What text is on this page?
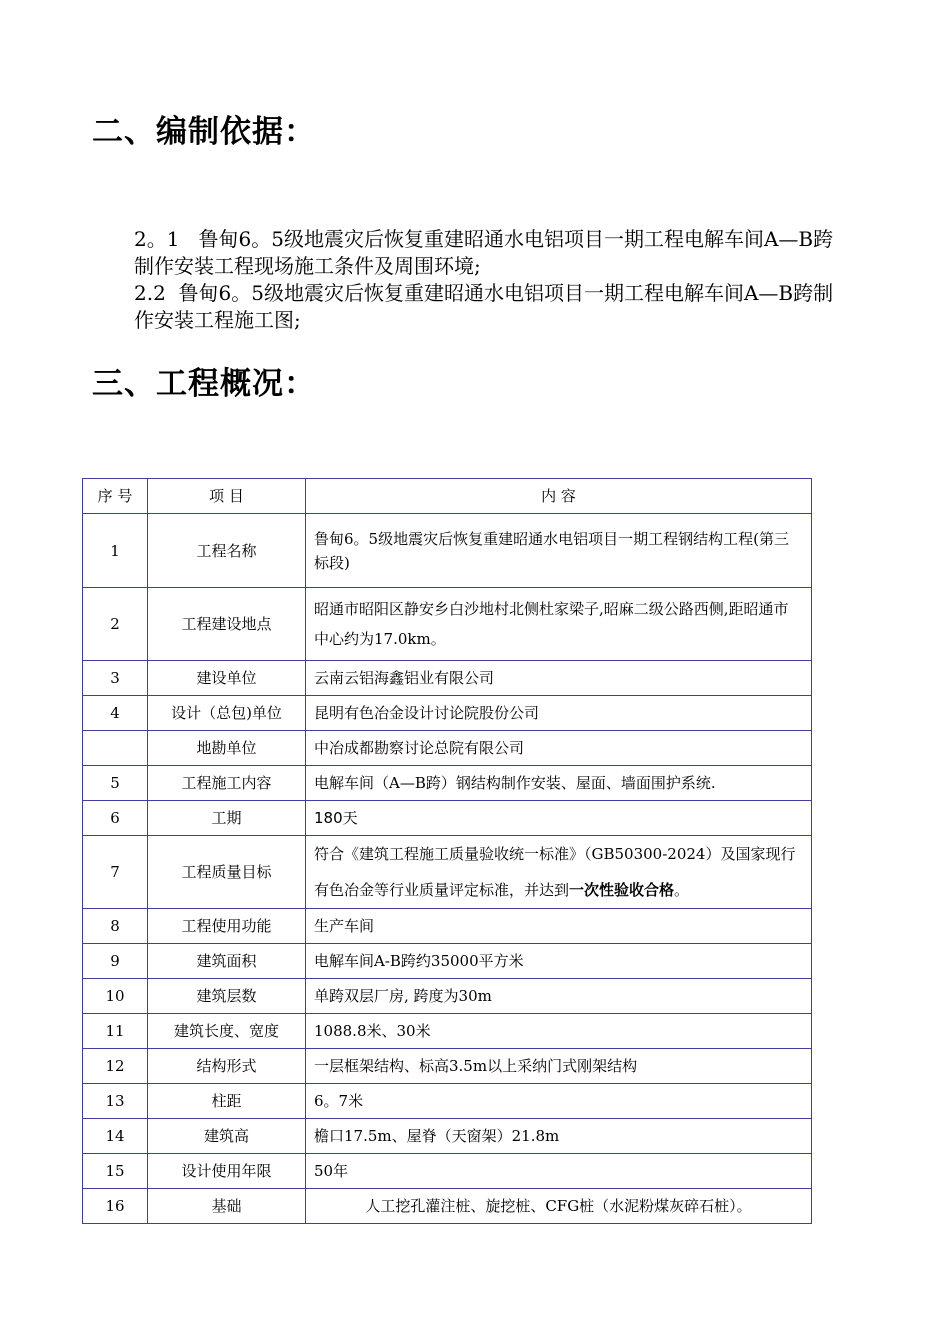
二、编制依据：
2。1 鲁甸6。5级地震灾后恢复重建昭通水电铝项目一期工程电解车间A—B跨制作安装工程现场施工条件及周围环境;
2.2 鲁甸6。5级地震灾后恢复重建昭通水电铝项目一期工程电解车间A—B跨制作安装工程施工图;
三、工程概况：
序 号	项 目	内 容
1	工程名称	鲁甸6。5级地震灾后恢复重建昭通水电铝项目一期工程钢结构工程(第三标段)
2	工程建设地点	昭通市昭阳区静安乡白沙地村北侧杜家梁子,昭麻二级公路西侧,距昭通市中心约为17.0km。
3	建设单位	云南云铝海鑫铝业有限公司
4	设计（总包)单位	昆明有色冶金设计讨论院股份公司
	地勘单位	中冶成都勘察讨论总院有限公司
5	工程施工内容	电解车间（A—B跨）钢结构制作安装、屋面、墙面围护系统.
6	工期	180天
7	工程质量目标	符合《建筑工程施工质量验收统一标准》（GB50300-2024）及国家现行有色冶金等行业质量评定标准，并达到一次性验收合格。
8	工程使用功能	生产车间
9	建筑面积	电解车间A-B跨约35000平方米
10	建筑层数	单跨双层厂房, 跨度为30m
11	建筑长度、宽度	1088.8米、30米
12	结构形式	一层框架结构、标高3.5m以上采纳门式刚架结构
13	柱距	6。7米
14	建筑高	檐口17.5m、屋脊（天窗架）21.8m
15	设计使用年限	50年
16	基础	人工挖孔灌注桩、旋挖桩、CFG桩（水泥粉煤灰碎石桩）。
